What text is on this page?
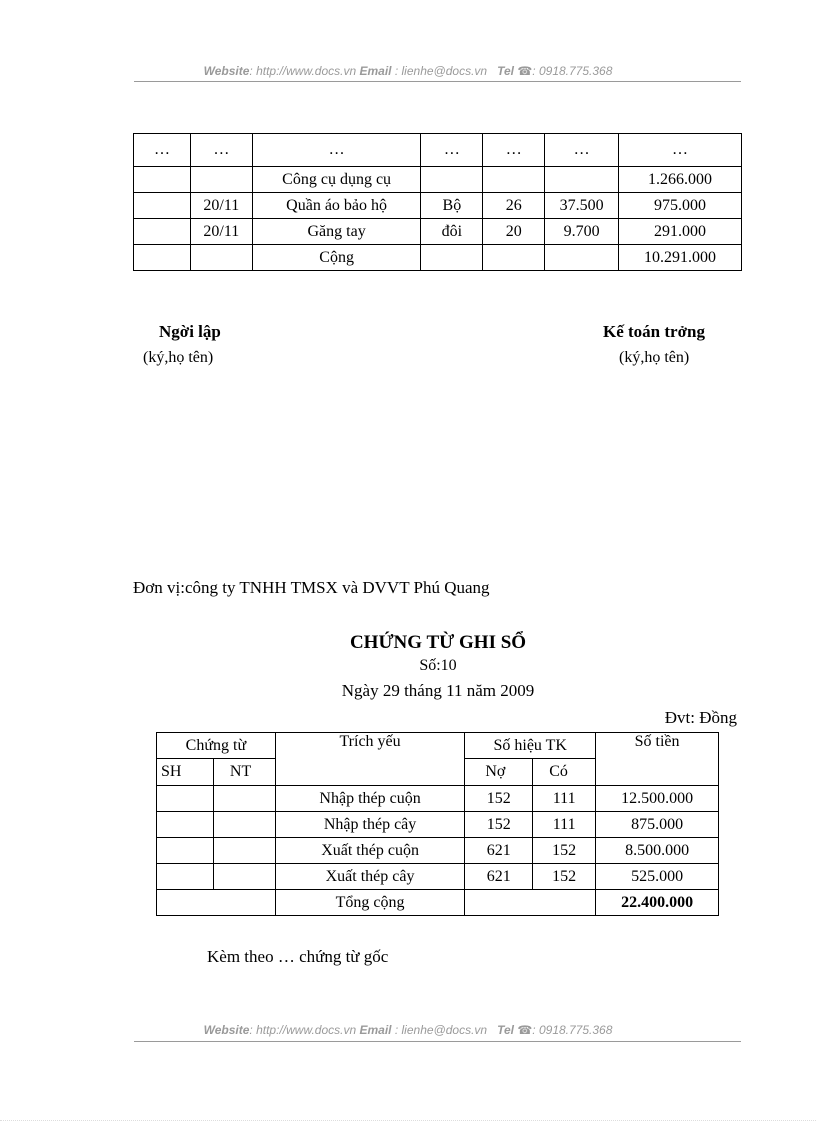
Website: http://www.docs.vn Email : lienhe@docs.vn Tel ☎: 0918.775.368
…	…	…	…	…	…	…
		Công cụ dụng cụ				1.266.000
	20/11	Quần áo bảo hộ	Bộ	26	37.500	975.000
	20/11	Găng tay	đôi	20	9.700	291.000
		Cộng				10.291.000
Ngời lập
(ký,họ tên)
Kế toán trởng
(ký,họ tên)
Đơn vị:công ty TNHH TMSX và DVVT Phú Quang
CHỨNG TỪ GHI SỔ
Số:10
Ngày 29 tháng 11 năm 2009
Đvt: Đồng
Chứng từ		Trích yếu	Số hiệu TK		Số tiền
SH	NT		Nợ	Có	
		Nhập thép cuộn	152	111	12.500.000
		Nhập thép cây	152	111	875.000
		Xuất thép cuộn	621	152	8.500.000
		Xuất thép cây	621	152	525.000
		Tổng cộng			22.400.000
Kèm theo … chứng từ gốc
Website: http://www.docs.vn Email : lienhe@docs.vn Tel ☎: 0918.775.368
